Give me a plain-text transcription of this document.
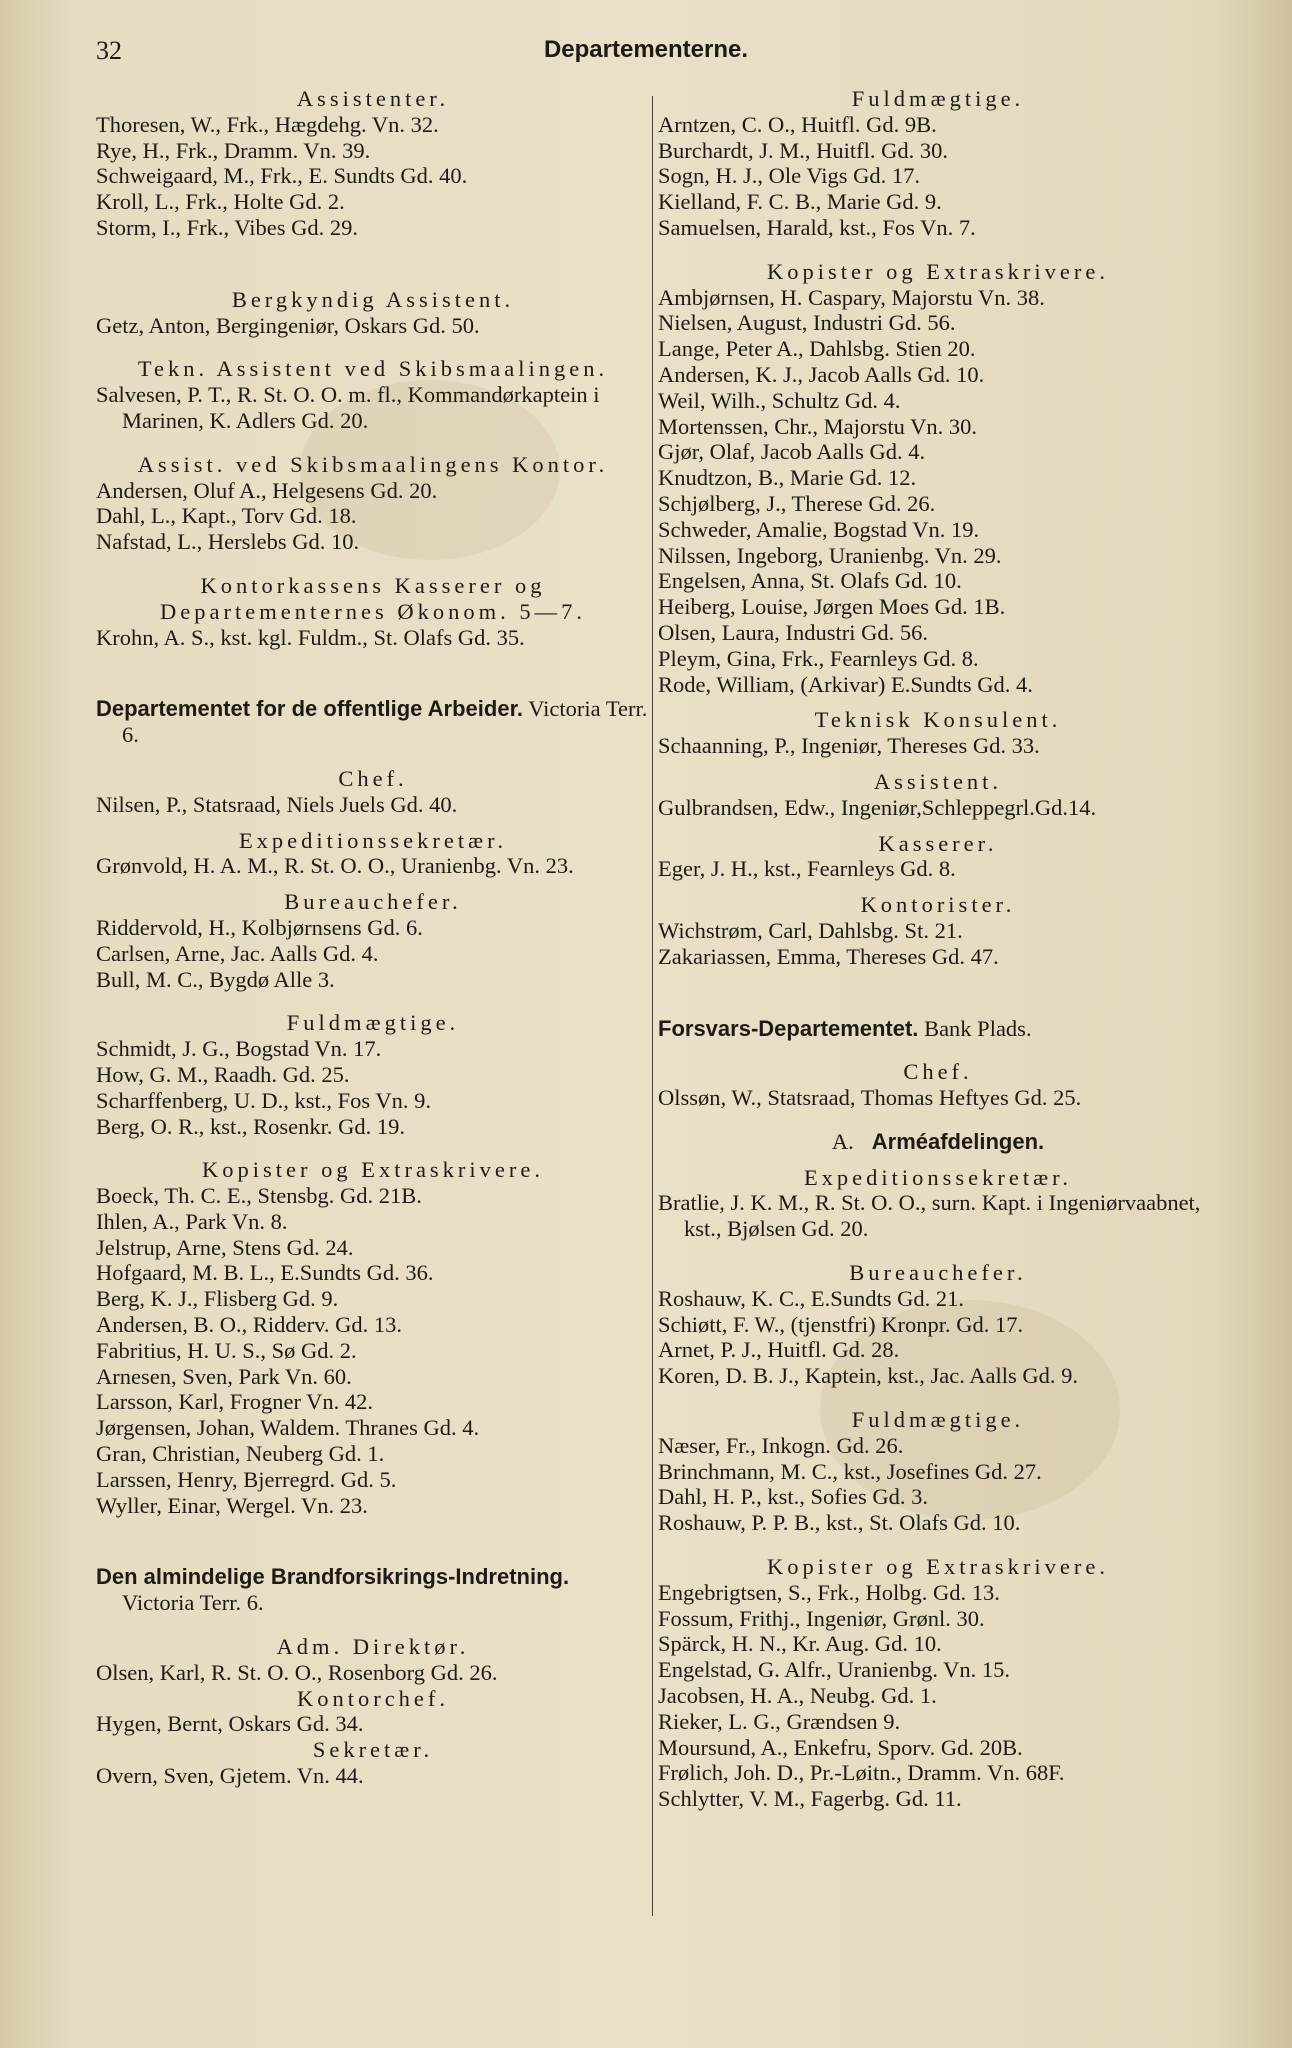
32	Departementerne.

Assistenter.

Thoresen, W., Frk., Hægdehg. Vn. 32.

Rye, H., Frk., Dramm. Vn. 39.

Schweigaard, M., Frk., E. Sundts Gd. 40.

Kroll, L., Frk., Holte Gd. 2.

Storm, I., Frk., Vibes Gd. 29.

Bergkyndig Assistent.

Getz, Anton, Bergingeniør, Oskars Gd. 50.

Tekn. Assistent ved Skibsmaalingen.

Salvesen, P. T., R. St. O. O. m. fl., Kommandørkaptein i Marinen, K. Adlers Gd. 20.

Assist. ved Skibsmaalingens Kontor.

Andersen, Oluf A., Helgesens Gd. 20.

Dahl, L., Kapt., Torv Gd. 18.

Nafstad, L., Herslebs Gd. 10.

Kontorkassens Kasserer og Departementernes Økonom. 5—7.

Krohn, A. S., kst. kgl. Fuldm., St. Olafs Gd. 35.

Departementet for de offentlige Arbeider. Victoria Terr. 6.

Chef.

Nilsen, P., Statsraad, Niels Juels Gd. 40.

Expeditionssekretær.

Grønvold, H. A. M., R. St. O. O., Uranienbg. Vn. 23.

Bureauchefer.

Riddervold, H., Kolbjørnsens Gd. 6.

Carlsen, Arne, Jac. Aalls Gd. 4.

Bull, M. C., Bygdø Alle 3.

Fuldmægtige.

Schmidt, J. G., Bogstad Vn. 17.

How, G. M., Raadh. Gd. 25.

Scharffenberg, U. D., kst., Fos Vn. 9.

Berg, O. R., kst., Rosenkr. Gd. 19.

Kopister og Extraskrivere.

Boeck, Th. C. E., Stensbg. Gd. 21B.

Ihlen, A., Park Vn. 8.

Jelstrup, Arne, Stens Gd. 24.

Hofgaard, M. B. L., E.Sundts Gd. 36.

Berg, K. J., Flisberg Gd. 9.

Andersen, B. O., Ridderv. Gd. 13.

Fabritius, H. U. S., Sø Gd. 2.

Arnesen, Sven, Park Vn. 60.

Larsson, Karl, Frogner Vn. 42.

Jørgensen, Johan, Waldem. Thranes Gd. 4.

Gran, Christian, Neuberg Gd. 1.

Larssen, Henry, Bjerregrd. Gd. 5.

Wyller, Einar, Wergel. Vn. 23.

Den almindelige Brandforsikrings-Indretning.

Victoria Terr. 6.

Adm. Direktør.

Olsen, Karl, R. St. O. O., Rosenborg Gd. 26.

Kontorchef.

Hygen, Bernt, Oskars Gd. 34.

Sekretær.

Overn, Sven, Gjetem. Vn. 44.

Fuldmægtige.

Arntzen, C. O., Huitfl. Gd. 9B.

Burchardt, J. M., Huitfl. Gd. 30.

Sogn, H. J., Ole Vigs Gd. 17.

Kielland, F. C. B., Marie Gd. 9.

Samuelsen, Harald, kst., Fos Vn. 7.

Kopister og Extraskrivere.

Ambjørnsen, H. Caspary, Majorstu Vn. 38.

Nielsen, August, Industri Gd. 56.

Lange, Peter A., Dahlsbg. Stien 20.

Andersen, K. J., Jacob Aalls Gd. 10.

Weil, Wilh., Schultz Gd. 4.

Mortenssen, Chr., Majorstu Vn. 30.

Gjør, Olaf, Jacob Aalls Gd. 4.

Knudtzon, B., Marie Gd. 12.

Schjølberg, J., Therese Gd. 26.

Schweder, Amalie, Bogstad Vn. 19.

Nilssen, Ingeborg, Uranienbg. Vn. 29.

Engelsen, Anna, St. Olafs Gd. 10.

Heiberg, Louise, Jørgen Moes Gd. 1B.

Olsen, Laura, Industri Gd. 56.

Pleym, Gina, Frk., Fearnleys Gd. 8.

Rode, William, (Arkivar) E.Sundts Gd. 4.

Teknisk Konsulent.

Schaanning, P., Ingeniør, Thereses Gd. 33.

Assistent.

Gulbrandsen, Edw., Ingeniør,Schleppegrl.Gd.14.

Kasserer.

Eger, J. H., kst., Fearnleys Gd. 8.

Kontorister.

Wichstrøm, Carl, Dahlsbg. St. 21.

Zakariassen, Emma, Thereses Gd. 47.

Forsvars-Departementet. Bank Plads.

Chef.

Olssøn, W., Statsraad, Thomas Heftyes Gd. 25.

A. Arméafdelingen.

Expeditionssekretær.

Bratlie, J. K. M., R. St. O. O., surn. Kapt. i Ingeniørvaabnet, kst., Bjølsen Gd. 20.

Bureauchefer.

Roshauw, K. C., E.Sundts Gd. 21.

Schiøtt, F. W., (tjenstfri) Kronpr. Gd. 17.

Arnet, P. J., Huitfl. Gd. 28.

Koren, D. B. J., Kaptein, kst., Jac. Aalls Gd. 9.

Fuldmægtige.

Næser, Fr., Inkogn. Gd. 26.

Brinchmann, M. C., kst., Josefines Gd. 27.

Dahl, H. P., kst., Sofies Gd. 3.

Roshauw, P. P. B., kst., St. Olafs Gd. 10.

Kopister og Extraskrivere.

Engebrigtsen, S., Frk., Holbg. Gd. 13.

Fossum, Frithj., Ingeniør, Grønl. 30.

Spärck, H. N., Kr. Aug. Gd. 10.

Engelstad, G. Alfr., Uranienbg. Vn. 15.

Jacobsen, H. A., Neubg. Gd. 1.

Rieker, L. G., Grændsen 9.

Moursund, A., Enkefru, Sporv. Gd. 20B.

Frølich, Joh. D., Pr.-Løitn., Dramm. Vn. 68F.

Schlytter, V. M., Fagerbg. Gd. 11.
